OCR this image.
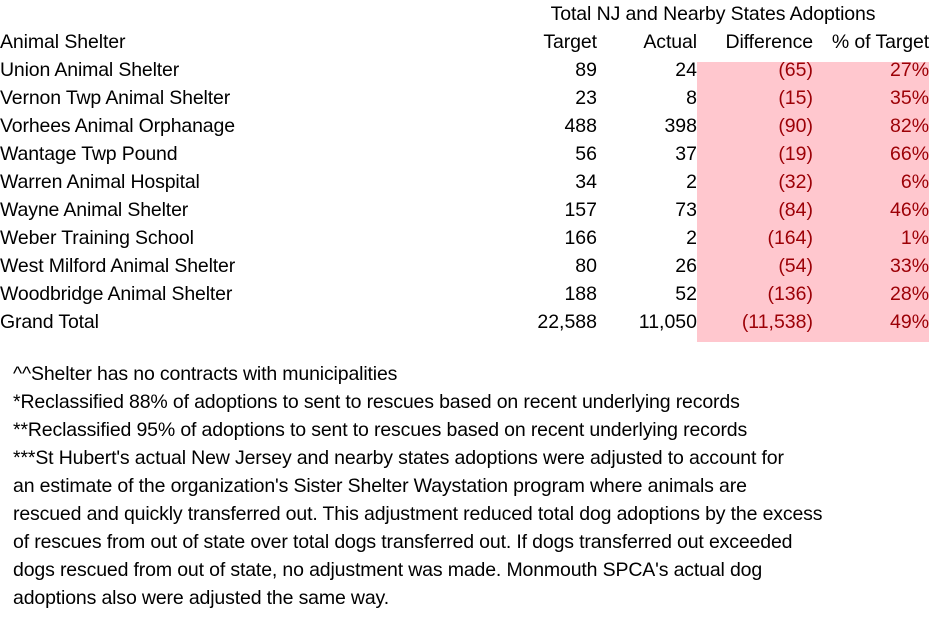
	Total NJ and Nearby States Adoptions			
Animal Shelter	Target	Actual	Difference	% of Target
Union Animal Shelter	89	24	(65)	27%
Vernon Twp Animal Shelter	23	8	(15)	35%
Vorhees Animal Orphanage	488	398	(90)	82%
Wantage Twp Pound	56	37	(19)	66%
Warren Animal Hospital	34	2	(32)	6%
Wayne Animal Shelter	157	73	(84)	46%
Weber Training School	166	2	(164)	1%
West Milford Animal Shelter	80	26	(54)	33%
Woodbridge Animal Shelter	188	52	(136)	28%
Grand Total	22,588	11,050	(11,538)	49%
^^Shelter has no contracts with municipalities
*Reclassified 88% of adoptions to sent to rescues based on recent underlying records
**Reclassified 95% of adoptions to sent to rescues based on recent underlying records
***St Hubert's actual New Jersey and nearby states adoptions were adjusted to account for
an estimate of the organization's Sister Shelter Waystation program where animals are
rescued and quickly transferred out. This adjustment reduced total dog adoptions by the excess
of rescues from out of state over total dogs transferred out. If dogs transferred out exceeded
dogs rescued from out of state, no adjustment was made. Monmouth SPCA's actual dog
adoptions also were adjusted the same way.
